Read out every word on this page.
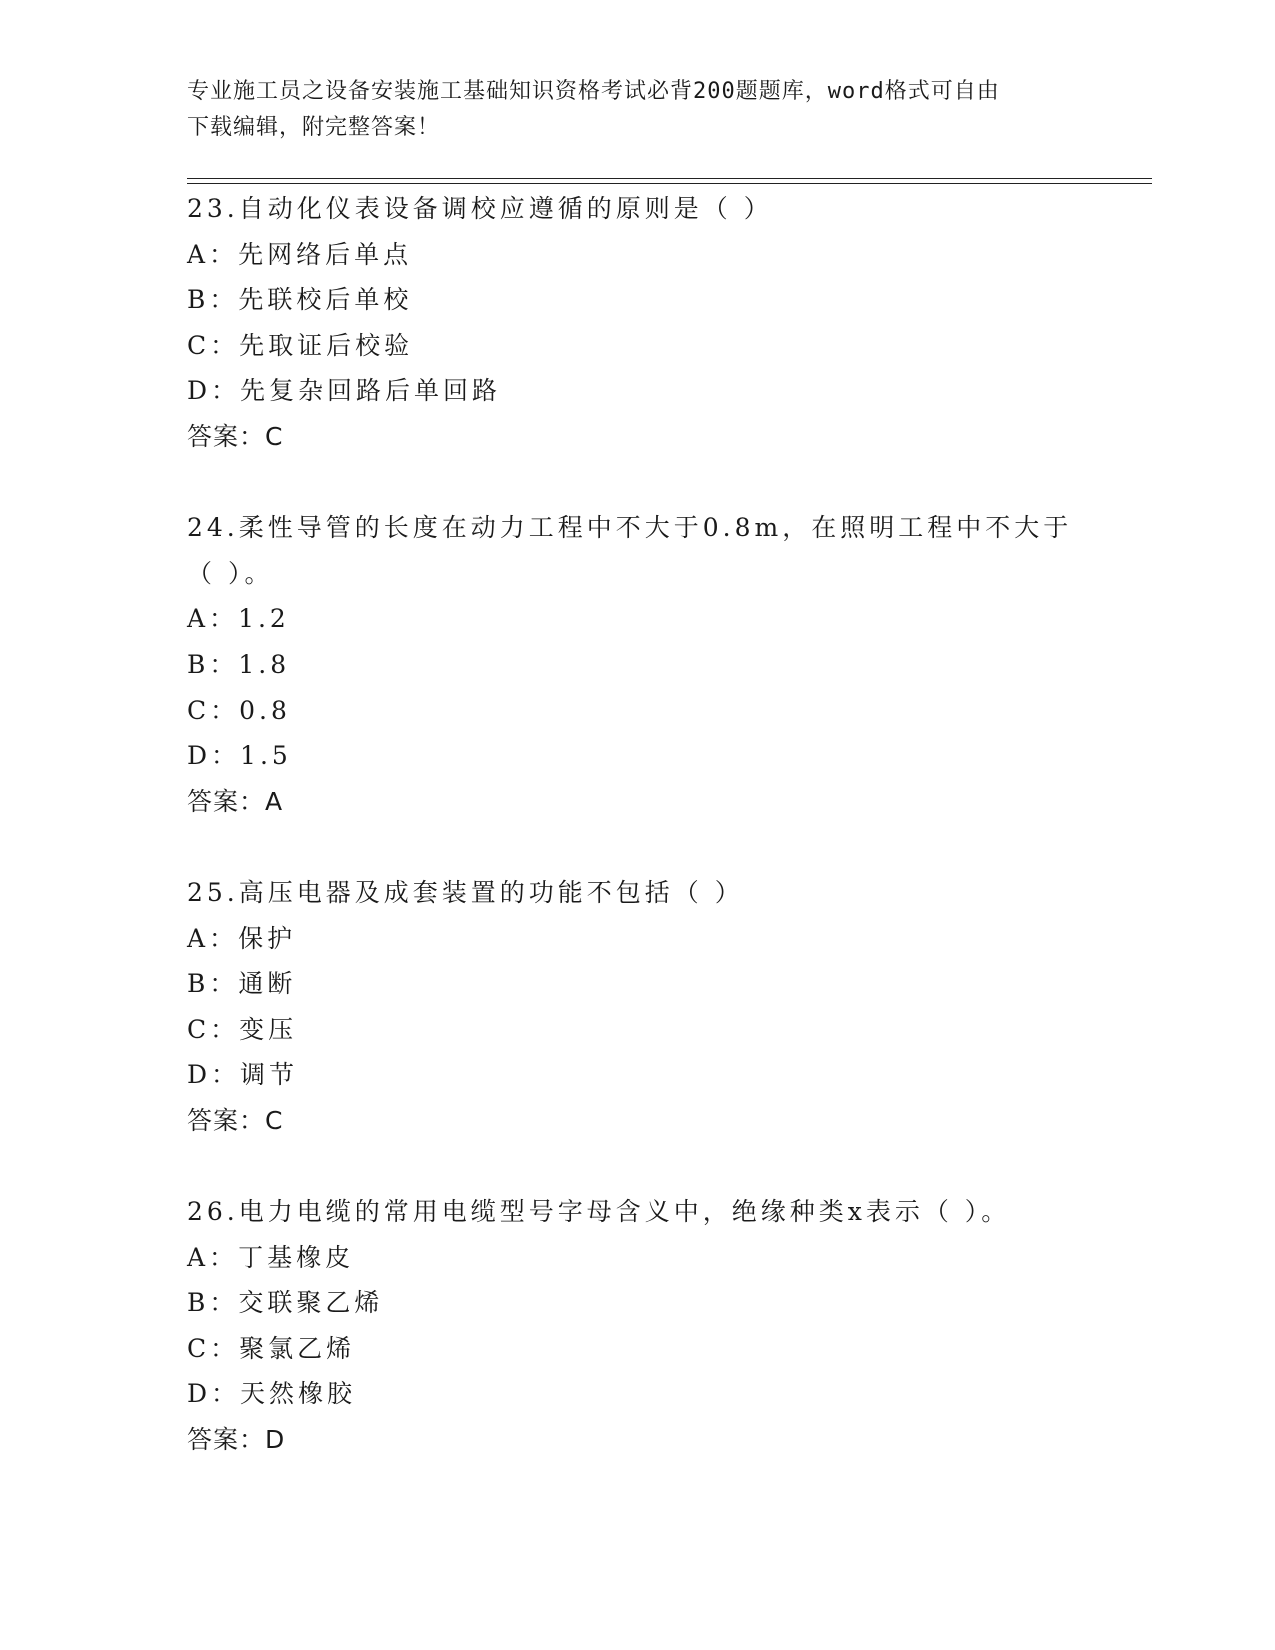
专业施工员之设备安装施工基础知识资格考试必背200题题库，word格式可自由
下载编辑，附完整答案！
23.自动化仪表设备调校应遵循的原则是（ ）
A：先网络后单点
B：先联校后单校
C：先取证后校验
D：先复杂回路后单回路
答案：C
24.柔性导管的长度在动力工程中不大于0.8m，在照明工程中不大于（ ）。
A：1.2
B：1.8
C：0.8
D：1.5
答案：A
25.高压电器及成套装置的功能不包括（ ）
A：保护
B：通断
C：变压
D：调节
答案：C
26.电力电缆的常用电缆型号字母含义中，绝缘种类x表示（ ）。
A：丁基橡皮
B：交联聚乙烯
C：聚氯乙烯
D：天然橡胶
答案：D
